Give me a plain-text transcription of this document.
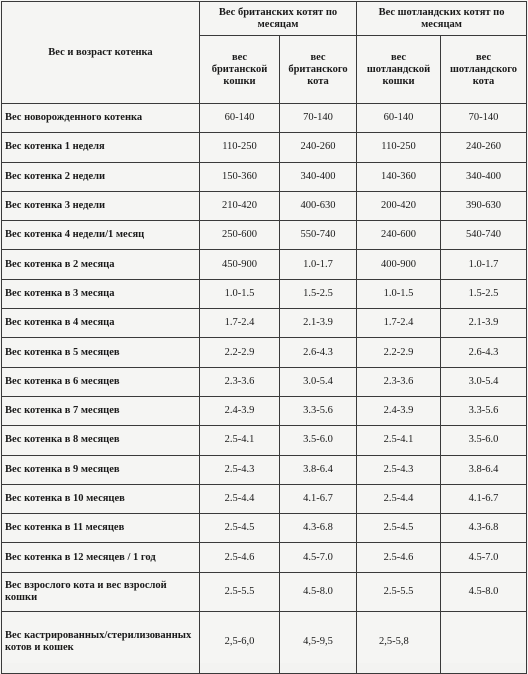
Вес и возраст котенка	Вес британских котят по месяцам		Вес шотландских котят по месяцам	
	вес британской кошки	вес британского кота	вес шотландской кошки	вес шотландского кота
Вес новорожденного котенка	60-140	70-140	60-140	70-140
Вес котенка 1 неделя	110-250	240-260	110-250	240-260
Вес котенка 2 недели	150-360	340-400	140-360	340-400
Вес котенка 3 недели	210-420	400-630	200-420	390-630
Вес котенка 4 недели/1 месяц	250-600	550-740	240-600	540-740
Вес котенка в 2 месяца	450-900	1.0-1.7	400-900	1.0-1.7
Вес котенка в 3 месяца	1.0-1.5	1.5-2.5	1.0-1.5	1.5-2.5
Вес котенка в 4 месяца	1.7-2.4	2.1-3.9	1.7-2.4	2.1-3.9
Вес котенка в 5 месяцев	2.2-2.9	2.6-4.3	2.2-2.9	2.6-4.3
Вес котенка в 6 месяцев	2.3-3.6	3.0-5.4	2.3-3.6	3.0-5.4
Вес котенка в 7 месяцев	2.4-3.9	3.3-5.6	2.4-3.9	3.3-5.6
Вес котенка в 8 месяцев	2.5-4.1	3.5-6.0	2.5-4.1	3.5-6.0
Вес котенка в 9 месяцев	2.5-4.3	3.8-6.4	2.5-4.3	3.8-6.4
Вес котенка в 10 месяцев	2.5-4.4	4.1-6.7	2.5-4.4	4.1-6.7
Вес котенка в 11 месяцев	2.5-4.5	4.3-6.8	2.5-4.5	4.3-6.8
Вес котенка в 12 месяцев / 1 год	2.5-4.6	4.5-7.0	2.5-4.6	4.5-7.0
Вес взрослого кота и вес взрослой кошки	2.5-5.5	4.5-8.0	2.5-5.5	4.5-8.0
Вес кастрированных/стерилизованных котов и кошек	2,5-6,0	4,5-9,5	2,5-5,8	
